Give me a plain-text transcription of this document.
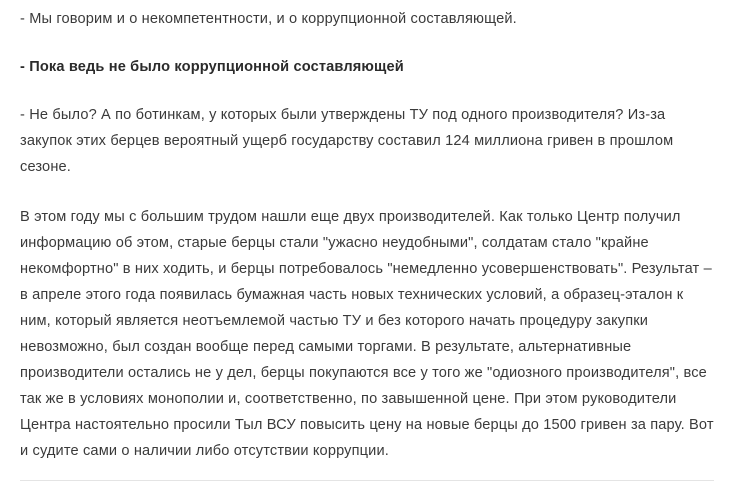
- Мы говорим и о некомпетентности, и о коррупционной составляющей.

- Пока ведь не было коррупционной составляющей

- Не было? А по ботинкам, у которых были утверждены ТУ под одного производителя? Из-за закупок этих берцев вероятный ущерб государству составил 124 миллиона гривен в прошлом сезоне.

В этом году мы с большим трудом нашли еще двух производителей. Как только Центр получил информацию об этом, старые берцы стали "ужасно неудобными", солдатам стало "крайне некомфортно" в них ходить, и берцы потребовалось "немедленно усовершенствовать". Результат – в апреле этого года появилась бумажная часть новых технических условий, а образец-эталон к ним, который является неотъемлемой частью ТУ и без которого начать процедуру закупки невозможно, был создан вообще перед самыми торгами. В результате, альтернативные производители остались не у дел, берцы покупаются все у того же "одиозного производителя", все так же в условиях монополии и, соответственно, по завышенной цене. При этом руководители Центра настоятельно просили Тыл ВСУ повысить цену на новые берцы до 1500 гривен за пару. Вот и судите сами о наличии либо отсутствии коррупции.
